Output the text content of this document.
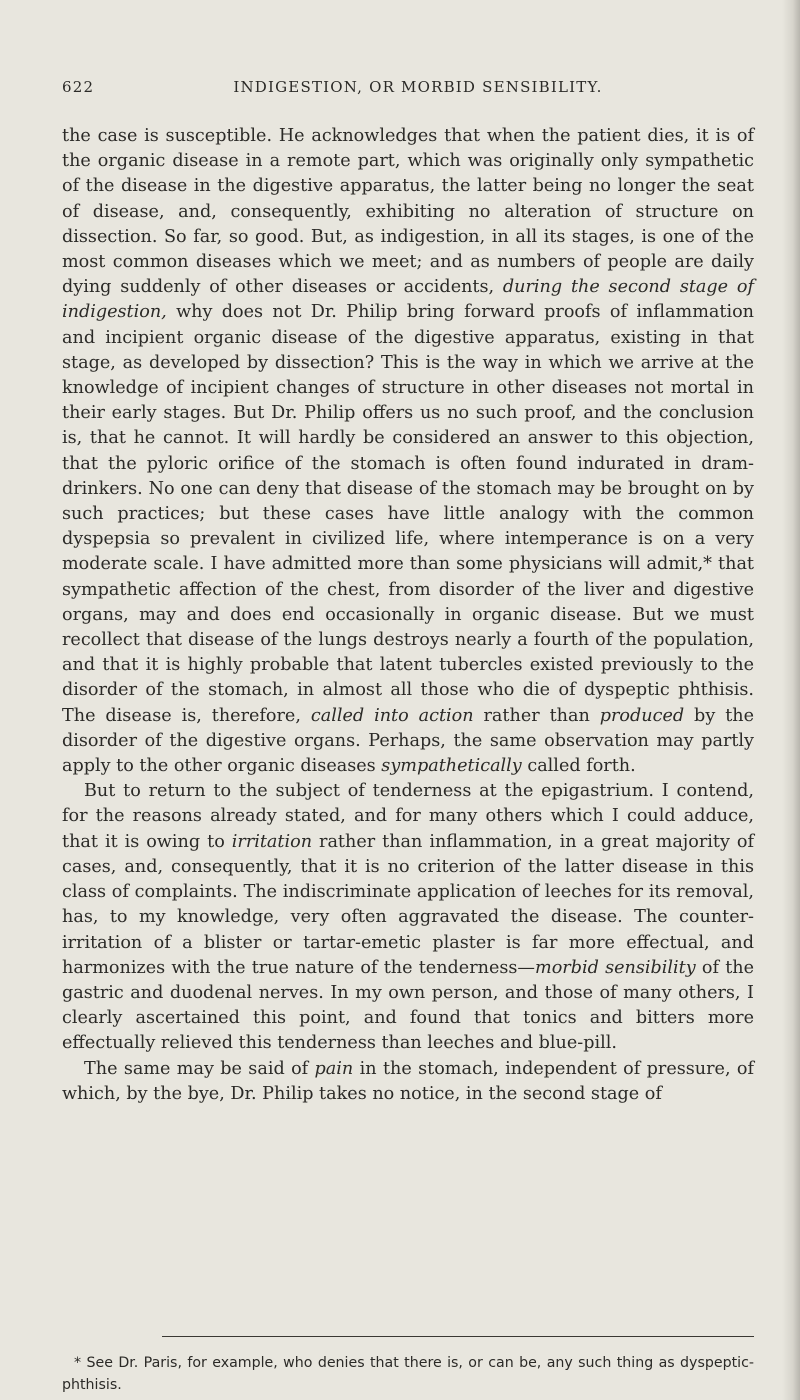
622	INDIGESTION, OR MORBID SENSIBILITY.

the case is susceptible. He acknowledges that when the patient dies, it is of the organic disease in a remote part, which was originally only sympathetic of the disease in the digestive apparatus, the latter being no longer the seat of disease, and, consequently, exhibiting no alteration of structure on dissection. So far, so good. But, as indigestion, in all its stages, is one of the most common diseases which we meet; and as numbers of people are daily dying suddenly of other diseases or accidents, during the second stage of indigestion, why does not Dr. Philip bring forward proofs of inflammation and incipient organic disease of the digestive apparatus, existing in that stage, as developed by dissection? This is the way in which we arrive at the knowledge of incipient changes of structure in other diseases not mortal in their early stages. But Dr. Philip offers us no such proof, and the conclusion is, that he cannot. It will hardly be considered an answer to this objection, that the pyloric orifice of the stomach is often found indurated in dram-drinkers. No one can deny that disease of the stomach may be brought on by such practices; but these cases have little analogy with the common dyspepsia so prevalent in civilized life, where intemperance is on a very moderate scale. I have admitted more than some physicians will admit,* that sympathetic affection of the chest, from disorder of the liver and digestive organs, may and does end occasionally in organic disease. But we must recollect that disease of the lungs destroys nearly a fourth of the population, and that it is highly probable that latent tubercles existed previously to the disorder of the stomach, in almost all those who die of dyspeptic phthisis. The disease is, therefore, called into action rather than produced by the disorder of the digestive organs. Perhaps, the same observation may partly apply to the other organic diseases sympathetically called forth.

But to return to the subject of tenderness at the epigastrium. I contend, for the reasons already stated, and for many others which I could adduce, that it is owing to irritation rather than inflammation, in a great majority of cases, and, consequently, that it is no criterion of the latter disease in this class of complaints. The indiscriminate application of leeches for its removal, has, to my knowledge, very often aggravated the disease. The counter-irritation of a blister or tartar-emetic plaster is far more effectual, and harmonizes with the true nature of the tenderness—morbid sensibility of the gastric and duodenal nerves. In my own person, and those of many others, I clearly ascertained this point, and found that tonics and bitters more effectually relieved this tenderness than leeches and blue-pill.

The same may be said of pain in the stomach, independent of pressure, of which, by the bye, Dr. Philip takes no notice, in the second stage of

* See Dr. Paris, for example, who denies that there is, or can be, any such thing as dyspeptic-phthisis.
